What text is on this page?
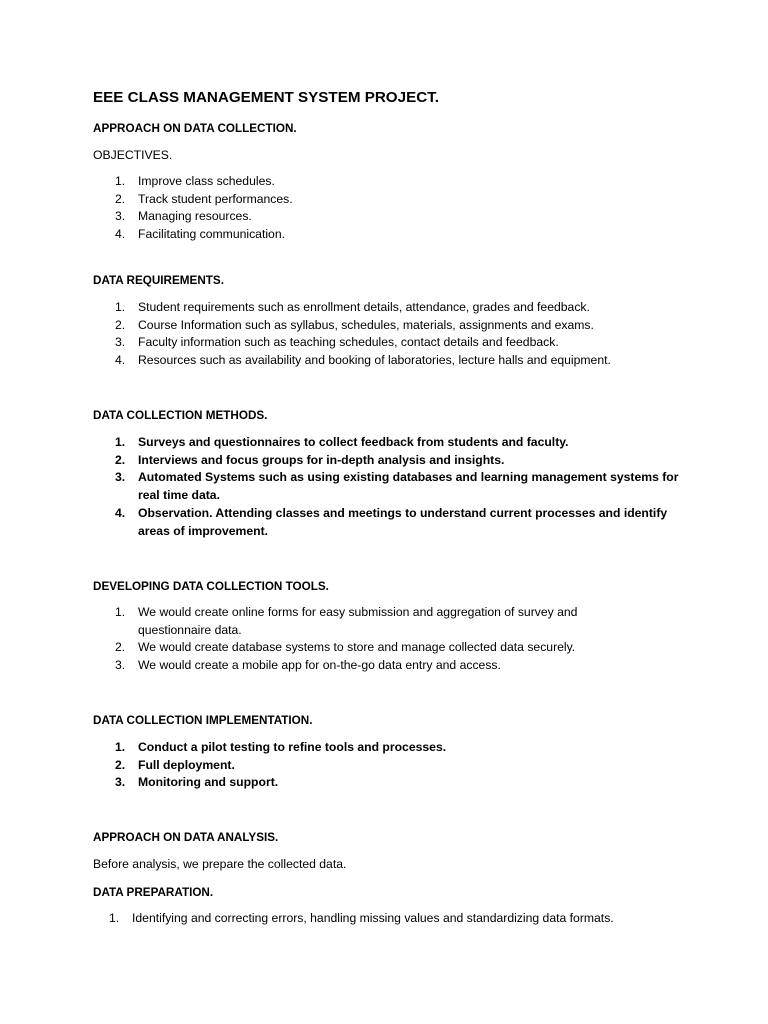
EEE CLASS MANAGEMENT SYSTEM PROJECT.
APPROACH ON DATA COLLECTION.
OBJECTIVES.
1. Improve class schedules.
2. Track student performances.
3. Managing resources.
4. Facilitating communication.
DATA REQUIREMENTS.
1. Student requirements such as enrollment details, attendance, grades and feedback.
2. Course Information such as syllabus, schedules, materials, assignments and exams.
3. Faculty information such as teaching schedules, contact details and feedback.
4. Resources such as availability and booking of laboratories, lecture halls and equipment.
DATA COLLECTION METHODS.
1. Surveys and questionnaires to collect feedback from students and faculty.
2. Interviews and focus groups for in-depth analysis and insights.
3. Automated Systems such as using existing databases and learning management systems for
real time data.
4. Observation. Attending classes and meetings to understand current processes and identify
areas of improvement.
DEVELOPING DATA COLLECTION TOOLS.
1. We would create online forms for easy submission and aggregation of survey and
questionnaire data.
2. We would create database systems to store and manage collected data securely.
3. We would create a mobile app for on-the-go data entry and access.
DATA COLLECTION IMPLEMENTATION.
1. Conduct a pilot testing to refine tools and processes.
2. Full deployment.
3. Monitoring and support.
APPROACH ON DATA ANALYSIS.
Before analysis, we prepare the collected data.
DATA PREPARATION.
1. Identifying and correcting errors, handling missing values and standardizing data formats.
